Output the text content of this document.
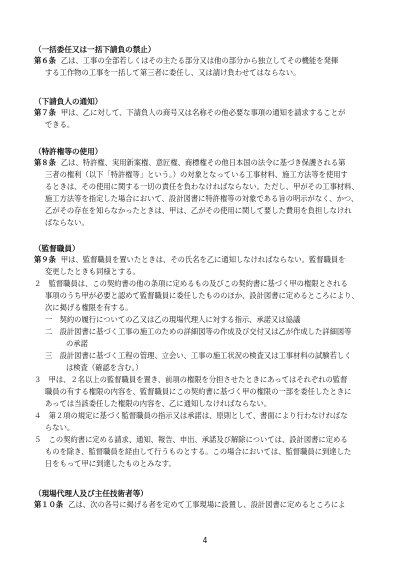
（一括委任又は一括下請負の禁止）
第６条 乙は、工事の全部若しくはその主たる部分又は他の部分から独立してその機能を発揮
する工作物の工事を一括して第三者に委任し、又は請け負わせてはならない。
（下請負人の通知）
第７条 甲は、乙に対して、下請負人の商号又は名称その他必要な事項の通知を請求することが
できる。
（特許権等の使用）
第８条 乙は、特許権、実用新案権、意匠権、商標権その他日本国の法令に基づき保護される第
三者の権利（以下「特許権等」という。）の対象となっている工事材料、施工方法等を使用す
るときは、その使用に関する一切の責任を負わなければならない。ただし、甲がその工事材料、
施工方法等を指定した場合において、設計図書に特許権等の対象である旨の明示がなく、かつ、
乙がその存在を知らなかったときは、甲は、乙がその使用に関して要した費用を負担しなけれ
ばならない。
（監督職員）
第９条 甲は、監督職員を置いたときは、その氏名を乙に通知しなければならない。監督職員を
変更したときも同様とする。
２　監督職員は、この契約書の他の条項に定めるもの及びこの契約書に基づく甲の権限とされる
事項のうち甲が必要と認めて監督職員に委任したもののほか、設計図書に定めるところにより、
次に掲げる権限を有する。
一　契約の履行についての乙又は乙の現場代理人に対する指示、承諾又は協議
二　設計図書に基づく工事の施工のための詳細図等の作成及び交付又は乙が作成した詳細図等
の承諾
三　設計図書に基づく工程の管理、立会い、工事の施工状況の検査又は工事材料の試験若しく
は検査（確認を含む。）
３　甲は、２名以上の監督職員を置き、前項の権限を分担させたときにあってはそれぞれの監督
職員の有する権限の内容を、監督職員にこの契約書に基づく甲の権限の一部を委任したときに
あっては当該委任した権限の内容を、乙に通知しなければならない。
４　第２項の規定に基づく監督職員の指示又は承諾は、原則として、書面により行わなければな
らない。
５　この契約書に定める請求、通知、報告、申出、承諾及び解除については、設計図書に定める
ものを除き、監督職員を経由して行うものとする。この場合においては、監督職員に到達した
日をもって甲に到達したものとみなす。
（現場代理人及び主任技術者等）
第１０条 乙は、次の各号に掲げる者を定めて工事現場に設置し、設計図書に定めるところによ
4
